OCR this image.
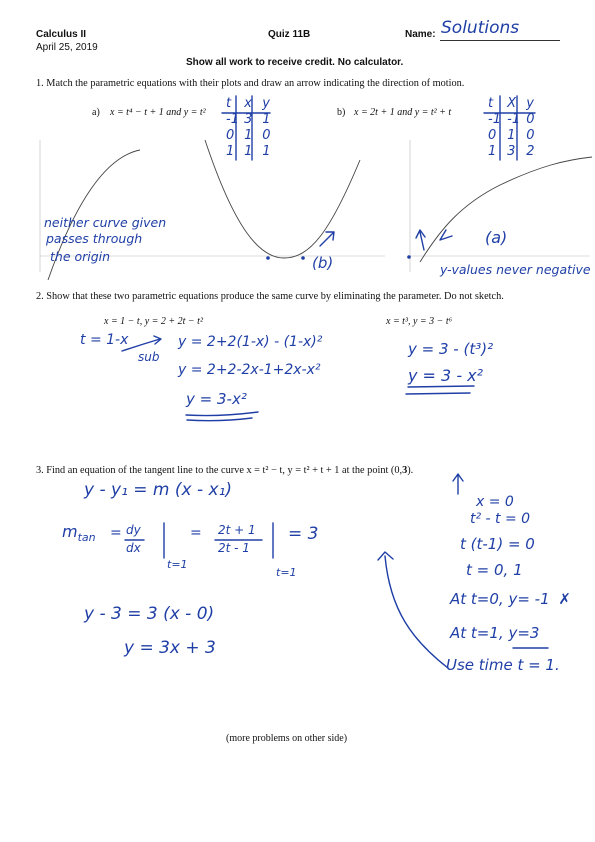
Calculus II
April 25, 2019
Quiz 11B	Name: Solutions
Show all work to receive credit. No calculator.
1. Match the parametric equations with their plots and draw an arrow indicating the direction of motion.
a) x = t⁴ − t + 1 and y = t²	b) x = 2t + 1 and y = t² + t
t x y
-1 3 1
0 1 0
1 1 1
t X y
-1 -1 0
0 1 0
1 3 2
neither curve given
passes through
the origin	(b)
(a)
y-values never negative
2. Show that these two parametric equations produce the same curve by eliminating the parameter. Do not sketch.
x = 1 − t, y = 2 + 2t − t²	x = t³, y = 3 − t⁶
t = 1-x
sub
y = 2+2(1-x) - (1-x)²
y = 2+2-2x-1+2x-x²
y = 3-x²
y = 3 - (t³)²
y = 3 - x²
3. Find an equation of the tangent line to the curve x = t² − t, y = t² + t + 1 at the point (0,3).
y - y₁ = m (x - x₁)
$m_{tan}$ = dy
dx
= 2t + 1
2t - 1
= 3
t=1
t=1
y - 3 = 3 (x - 0)
y = 3x + 3
x = 0
t² - t = 0
t (t-1) = 0
t = 0, 1
At t=0, y= -1 ✗
At t=1, y=3
Use time t = 1.
(more problems on other side)
